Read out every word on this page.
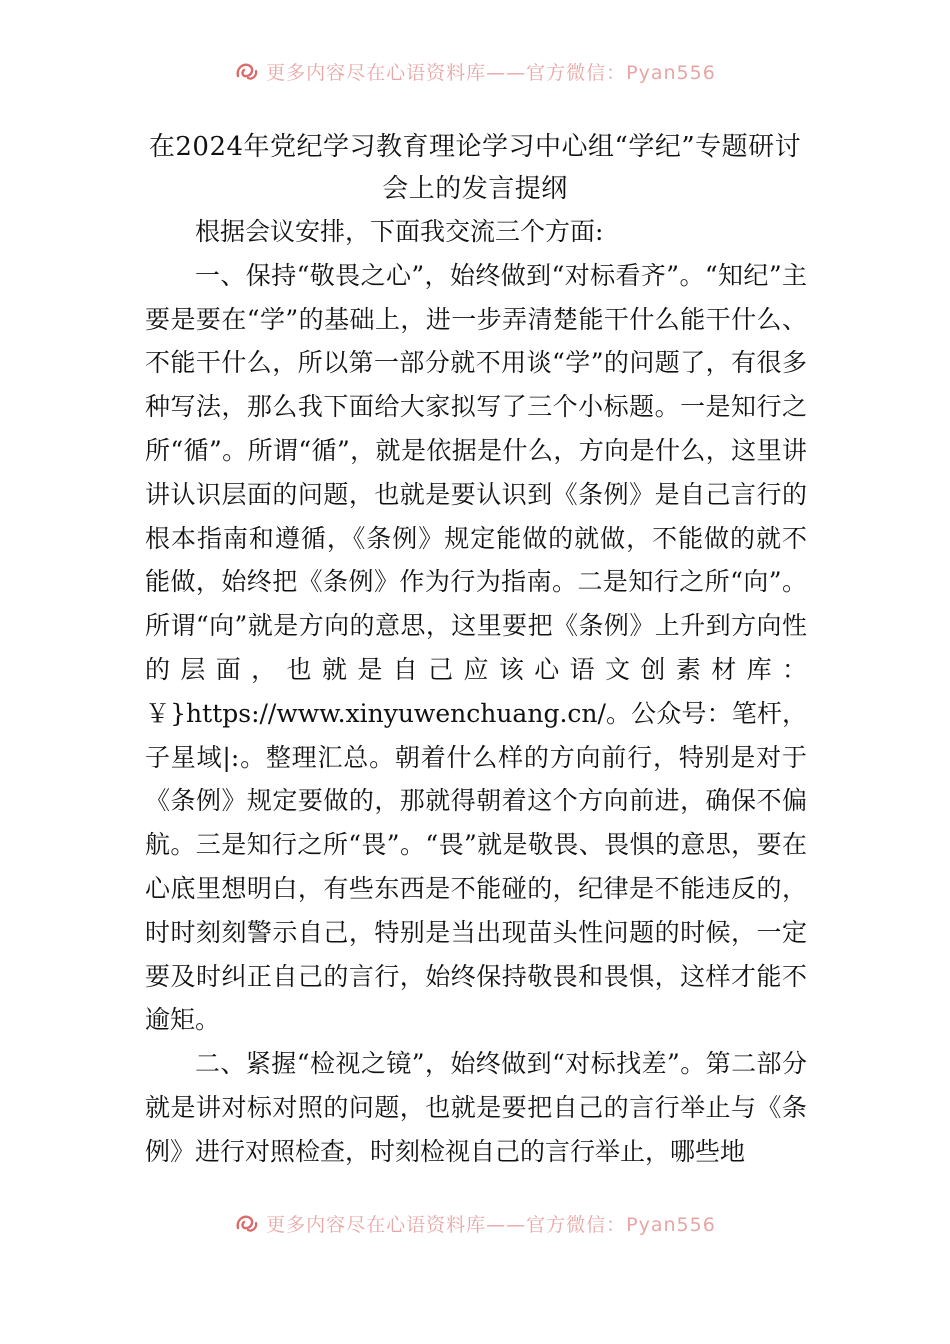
更多内容尽在心语资料库——官方微信：Pyan556
在2024年党纪学习教育理论学习中心组“学纪”专题研讨会上的发言提纲

根据会议安排，下面我交流三个方面:

一、保持“敬畏之心”，始终做到“对标看齐”。“知纪”主要是要在“学”的基础上，进一步弄清楚能干什么能干什么、不能干什么，所以第一部分就不用谈“学”的问题了，有很多种写法，那么我下面给大家拟写了三个小标题。一是知行之所“循”。所谓“循”，就是依据是什么，方向是什么，这里讲讲认识层面的问题，也就是要认识到《条例》是自己言行的根本指南和遵循，《条例》规定能做的就做，不能做的就不能做，始终把《条例》作为行为指南。二是知行之所“向”。所谓“向”就是方向的意思，这里要把《条例》上升到方向性的层面，也就是自己应该心语文创素材库：￥}https://www.xinyuwenchuang.cn/。公众号：笔杆，子星域|:。整理汇总。朝着什么样的方向前行，特别是对于《条例》规定要做的，那就得朝着这个方向前进，确保不偏航。三是知行之所“畏”。“畏”就是敬畏、畏惧的意思，要在心底里想明白，有些东西是不能碰的，纪律是不能违反的，时时刻刻警示自己，特别是当出现苗头性问题的时候，一定要及时纠正自己的言行，始终保持敬畏和畏惧，这样才能不逾矩。

二、紧握“检视之镜”，始终做到“对标找差”。第二部分就是讲对标对照的问题，也就是要把自己的言行举止与《条例》进行对照检查，时刻检视自己的言行举止，哪些地

更多内容尽在心语资料库——官方微信：Pyan556
